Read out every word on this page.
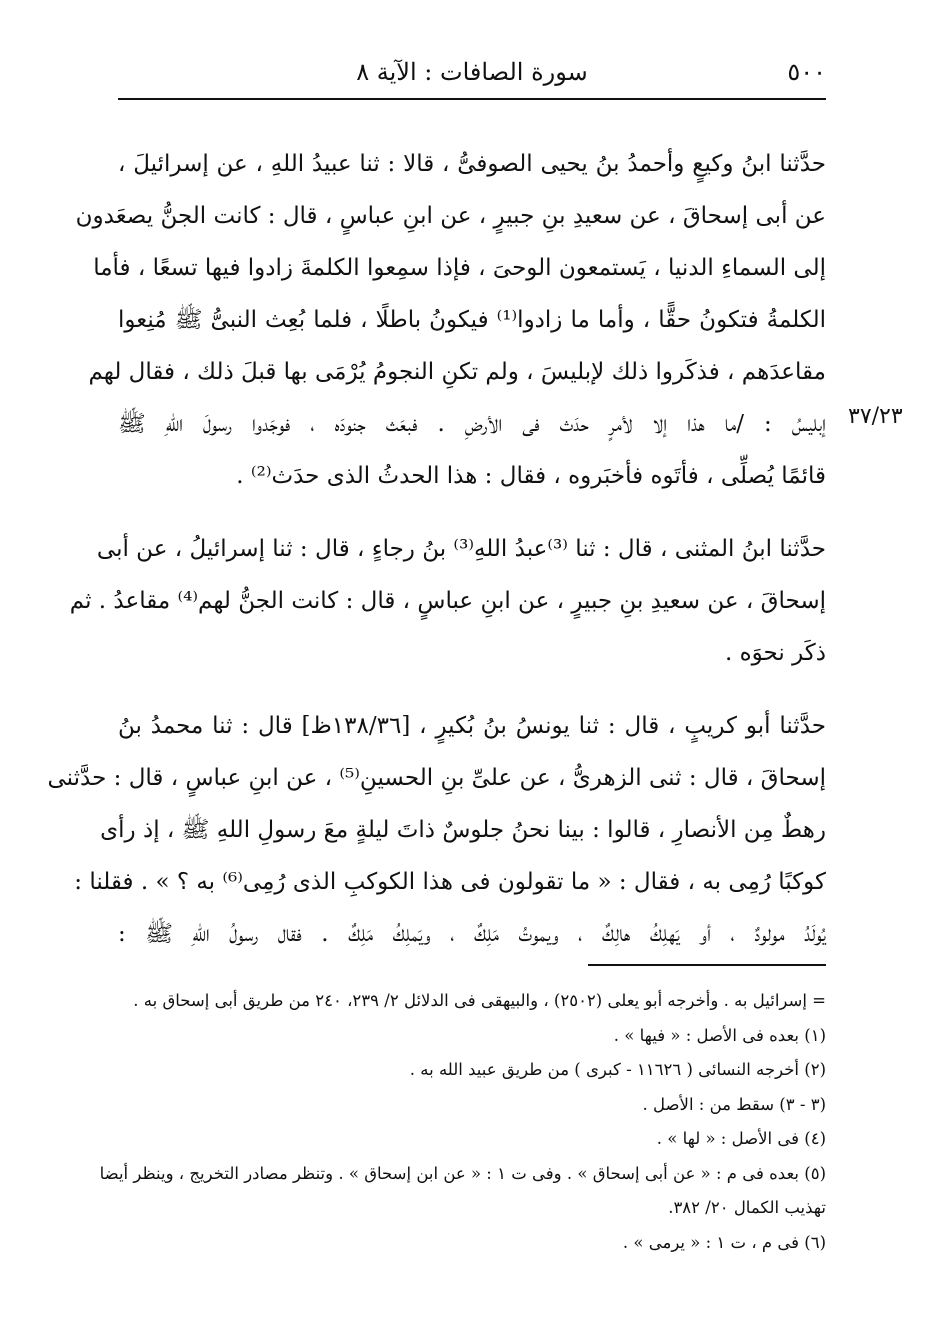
٥٠٠
سورة الصافات : الآية ٨
٣٧/٢٣
حدَّثنا ابنُ وكيعٍ وأحمدُ بنُ يحيى الصوفىُّ ، قالا : ثنا عبيدُ اللهِ ، عن إسرائيلَ ،
عن أبى إسحاقَ ، عن سعيدِ بنِ جبيرٍ ، عن ابنِ عباسٍ ، قال : كانت الجنُّ يصعَدون
إلى السماءِ الدنيا ، يَستمعون الوحىَ ، فإذا سمِعوا الكلمةَ زادوا فيها تسعًا ، فأما
الكلمةُ فتكونُ حقًّا ، وأما ما زادوا⁽¹⁾ فيكونُ باطلًا ، فلما بُعِث النبىُّ ﷺ مُنِعوا
مقاعدَهم ، فذكَروا ذلك لإبليسَ ، ولم تكنِ النجومُ يُرْمَى بها قبلَ ذلك ، فقال لهم
إبليسُ : /ما هذا إلا لأمرٍ حدَث فى الأرضِ . فبعَث جنودَه ، فوجَدوا رسولَ اللهِ ﷺ
قائمًا يُصلِّى ، فأتَوه فأخبَروه ، فقال : هذا الحدثُ الذى حدَث⁽²⁾ .
حدَّثنا ابنُ المثنى ، قال : ثنا ⁽³⁾عبدُ اللهِ⁽³⁾ بنُ رجاءٍ ، قال : ثنا إسرائيلُ ، عن أبى
إسحاقَ ، عن سعيدِ بنِ جبيرٍ ، عن ابنِ عباسٍ ، قال : كانت الجنُّ لهم⁽⁴⁾ مقاعدُ . ثم
ذكَر نحوَه .
حدَّثنا أبو كريبٍ ، قال : ثنا يونسُ بنُ بُكيرٍ ، [١٣٨/٣٦ظ] قال : ثنا محمدُ بنُ
إسحاقَ ، قال : ثنى الزهرىُّ ، عن علىِّ بنِ الحسينِ⁽⁵⁾ ، عن ابنِ عباسٍ ، قال : حدَّثنى
رهطٌ مِن الأنصارِ ، قالوا : بينا نحنُ جلوسٌ ذاتَ ليلةٍ معَ رسولِ اللهِ ﷺ ، إذ رأى
كوكبًا رُمِى به ، فقال : « ما تقولون فى هذا الكوكبِ الذى رُمِى⁽⁶⁾ به ؟ » . فقلنا :
يُولَدُ مولودٌ ، أو يَهلِكُ هالِكٌ ، ويموتُ مَلِكٌ ، ويَملِكُ مَلِكٌ . فقال رسولُ اللهِ ﷺ :
= إسرائيل به . وأخرجه أبو يعلى (٢٥٠٢) ، والبيهقى فى الدلائل ٢/ ٢٣٩، ٢٤٠ من طريق أبى إسحاق به .
(١) بعده فى الأصل : « فيها » .
(٢) أخرجه النسائى ( ١١٦٢٦ - كبرى ) من طريق عبيد الله به .
(٣ - ٣) سقط من : الأصل .
(٤) فى الأصل : « لها » .
(٥) بعده فى م : « عن أبى إسحاق » . وفى ت ١ : « عن ابن إسحاق » . وتنظر مصادر التخريج ، وينظر أيضا
تهذيب الكمال ٢٠/ ٣٨٢.
(٦) فى م ، ت ١ : « يرمى » .
